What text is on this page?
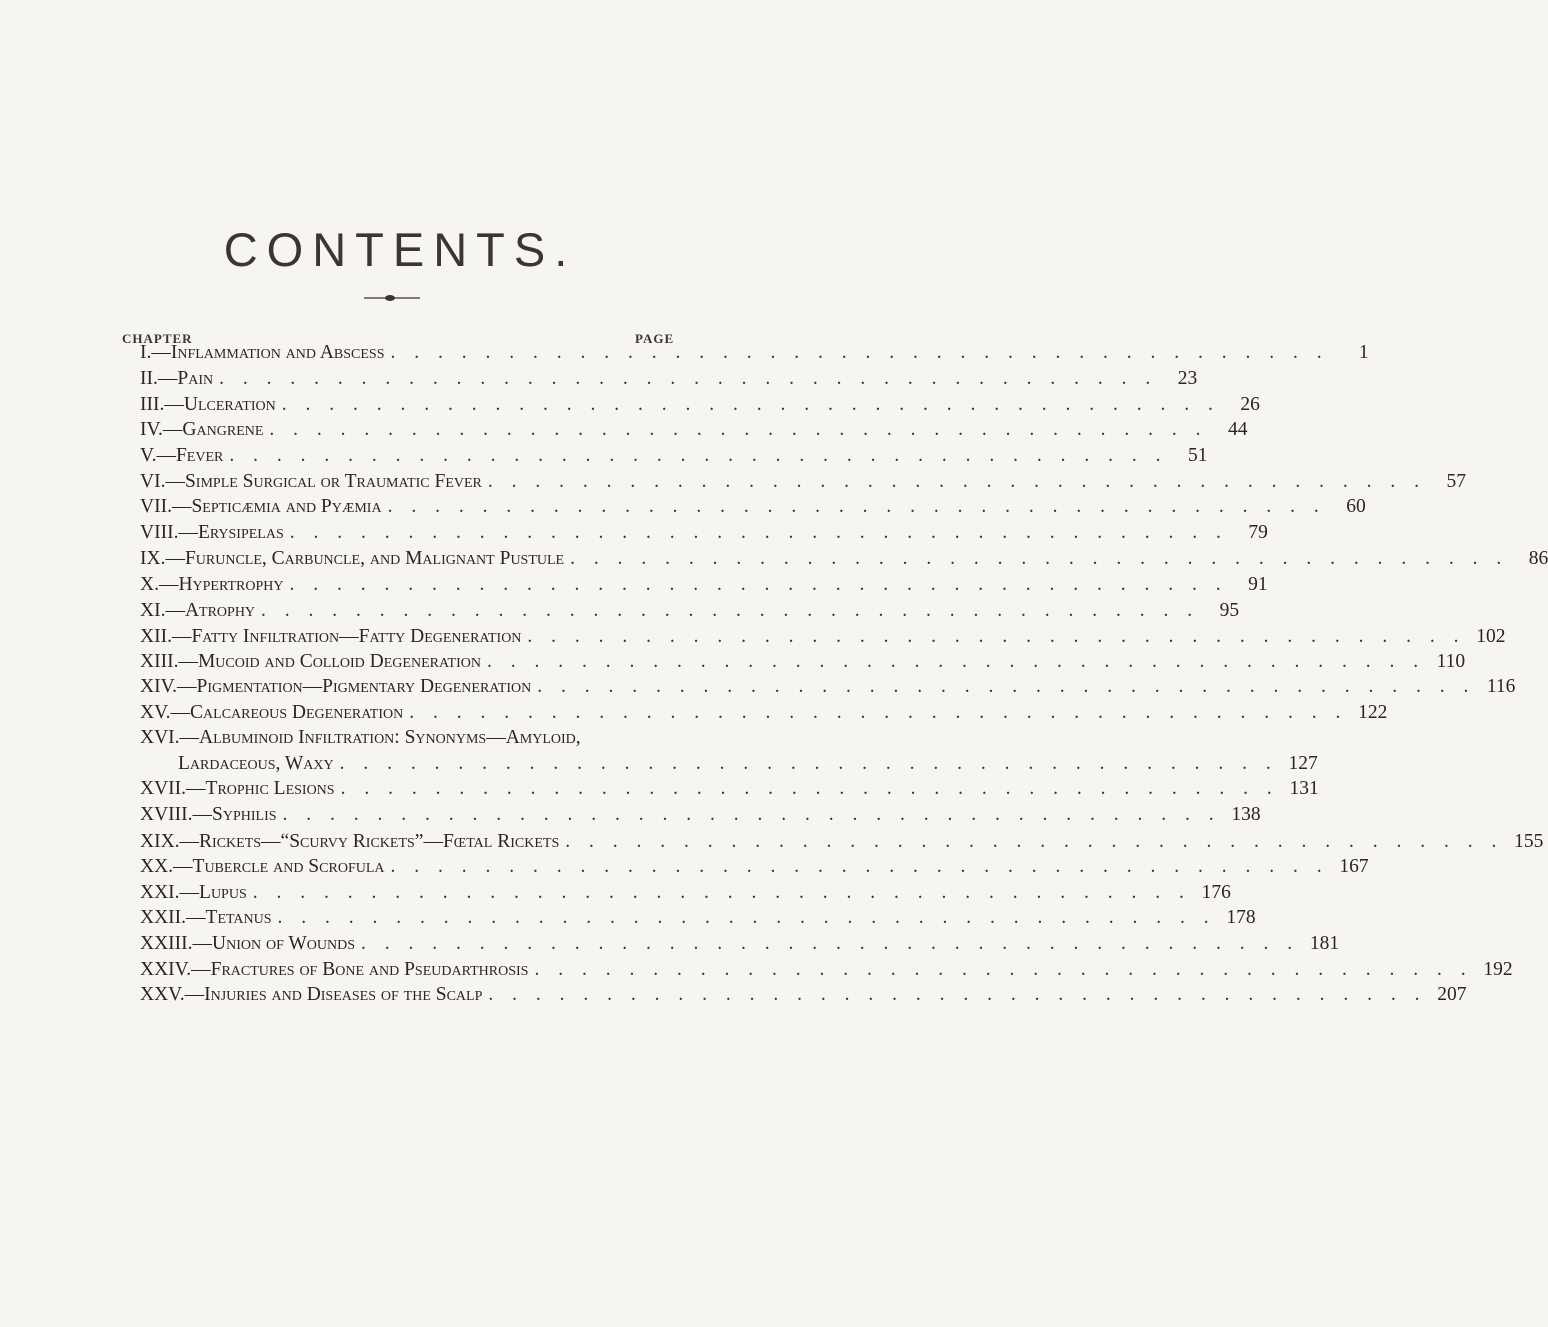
CONTENTS.
CHAPTER	PAGE
I.—Inflammation and Abscess . . . . . . . . . . . . . . . . . . . . . . . . . . . . . . . . . . . . . . . .	1
II.—Pain . . . . . . . . . . . . . . . . . . . . . . . . . . . . . . . . . . . . . . . .	23
III.—Ulceration . . . . . . . . . . . . . . . . . . . . . . . . . . . . . . . . . . . . . . . .	26
IV.—Gangrene . . . . . . . . . . . . . . . . . . . . . . . . . . . . . . . . . . . . . . . .	44
V.—Fever . . . . . . . . . . . . . . . . . . . . . . . . . . . . . . . . . . . . . . . .	51
VI.—Simple Surgical or Traumatic Fever . . . . . . . . . . . . . . . . . . . . . . . . . . . . . . . . . . . . . . . .	57
VII.—Septicæmia and Pyæmia . . . . . . . . . . . . . . . . . . . . . . . . . . . . . . . . . . . . . . . .	60
VIII.—Erysipelas . . . . . . . . . . . . . . . . . . . . . . . . . . . . . . . . . . . . . . . .	79
IX.—Furuncle, Carbuncle, and Malignant Pustule . . . . . . . . . . . . . . . . . . . . . . . . . . . . . . . . . . . . . . . .	86
X.—Hypertrophy . . . . . . . . . . . . . . . . . . . . . . . . . . . . . . . . . . . . . . . .	91
XI.—Atrophy . . . . . . . . . . . . . . . . . . . . . . . . . . . . . . . . . . . . . . . .	95
XII.—Fatty Infiltration—Fatty Degeneration . . . . . . . . . . . . . . . . . . . . . . . . . . . . . . . . . . . . . . . . 102
XIII.—Mucoid and Colloid Degeneration . . . . . . . . . . . . . . . . . . . . . . . . . . . . . . . . . . . . . . . . 110
XIV.—Pigmentation—Pigmentary Degeneration . . . . . . . . . . . . . . . . . . . . . . . . . . . . . . . . . . . . . . . . 116
XV.—Calcareous Degeneration . . . . . . . . . . . . . . . . . . . . . . . . . . . . . . . . . . . . . . . . 122
XVI.—Albuminoid Infiltration: Synonyms—Amyloid,
Lardaceous, Waxy . . . . . . . . . . . . . . . . . . . . . . . . . . . . . . . . . . . . . . . . 127
XVII.—Trophic Lesions . . . . . . . . . . . . . . . . . . . . . . . . . . . . . . . . . . . . . . . . 131
XVIII.—Syphilis . . . . . . . . . . . . . . . . . . . . . . . . . . . . . . . . . . . . . . . . 138
XIX.—Rickets—“Scurvy Rickets”—Fœtal Rickets . . . . . . . . . . . . . . . . . . . . . . . . . . . . . . . . . . . . . . . . 155
XX.—Tubercle and Scrofula . . . . . . . . . . . . . . . . . . . . . . . . . . . . . . . . . . . . . . . . 167
XXI.—Lupus . . . . . . . . . . . . . . . . . . . . . . . . . . . . . . . . . . . . . . . . 176
XXII.—Tetanus . . . . . . . . . . . . . . . . . . . . . . . . . . . . . . . . . . . . . . . . 178
XXIII.—Union of Wounds . . . . . . . . . . . . . . . . . . . . . . . . . . . . . . . . . . . . . . . . 181
XXIV.—Fractures of Bone and Pseudarthrosis . . . . . . . . . . . . . . . . . . . . . . . . . . . . . . . . . . . . . . . . 192
XXV.—Injuries and Diseases of the Scalp . . . . . . . . . . . . . . . . . . . . . . . . . . . . . . . . . . . . . . . . 207
